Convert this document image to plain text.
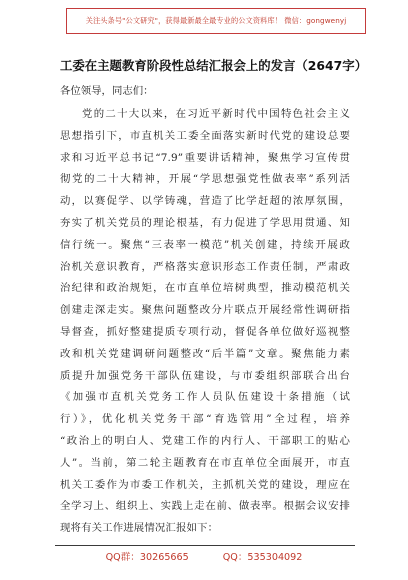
关注头条号"公文研究"，获得最新最全最专业的公文资料库！ 微信：gongwenyj
工委在主题教育阶段性总结汇报会上的发言（2647字）
各位领导，同志们：
党的二十大以来，在习近平新时代中国特色社会主义
思想指引下，市直机关工委全面落实新时代党的建设总要
求和习近平总书记“7.9”重要讲话精神，聚焦学习宣传贯
彻党的二十大精神，开展“学思想强党性做表率”系列活
动，以赛促学、以学铸魂，营造了比学赶超的浓厚氛围，
夯实了机关党员的理论根基，有力促进了学思用贯通、知
信行统一。聚焦“三表率一模范”机关创建，持续开展政
治机关意识教育，严格落实意识形态工作责任制，严肃政
治纪律和政治规矩，在市直单位培树典型，推动模范机关
创建走深走实。聚焦问题整改分片联点开展经常性调研指
导督查，抓好整建提质专项行动，督促各单位做好巡视整
改和机关党建调研问题整改“后半篇”文章。聚焦能力素
质提升加强党务干部队伍建设，与市委组织部联合出台
《加强市直机关党务工作人员队伍建设十条措施（试
行）》，优化机关党务干部“育选管用”全过程，培养
“政治上的明白人、党建工作的内行人、干部职工的贴心
人”。当前，第二轮主题教育在市直单位全面展开，市直
机关工委作为市委工作机关，主抓机关党的建设，理应在
全学习上、组织上、实践上走在前、做表率。根据会议安排
现将有关工作进展情况汇报如下：
QQ群：30265665	QQ：535304092
